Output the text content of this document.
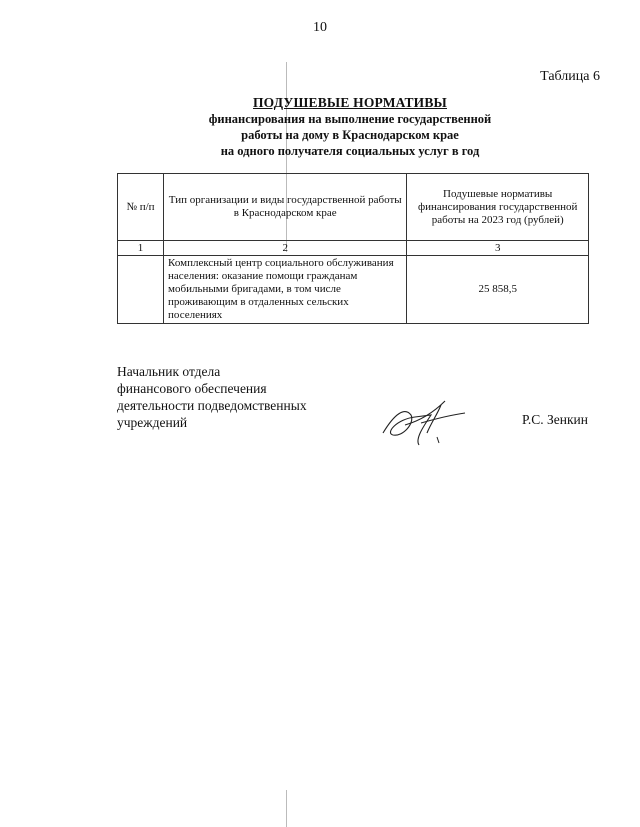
10
Таблица 6
ПОДУШЕВЫЕ НОРМАТИВЫ
финансирования на выполнение государственной
работы на дому в Краснодарском крае
на одного получателя социальных услуг в год
№ п/п	Тип организации и виды государственной работы в Краснодарском крае	Подушевые нормативы финансирования государственной работы на 2023 год (рублей)
1	2	3
	Комплексный центр социального обслуживания населения: оказание помощи гражданам мобильными бригадами, в том числе проживающим в отдаленных сельских поселениях	25 858,5
Начальник отдела
финансового обеспечения
деятельности подведомственных
учреждений	Р.С. Зенкин
